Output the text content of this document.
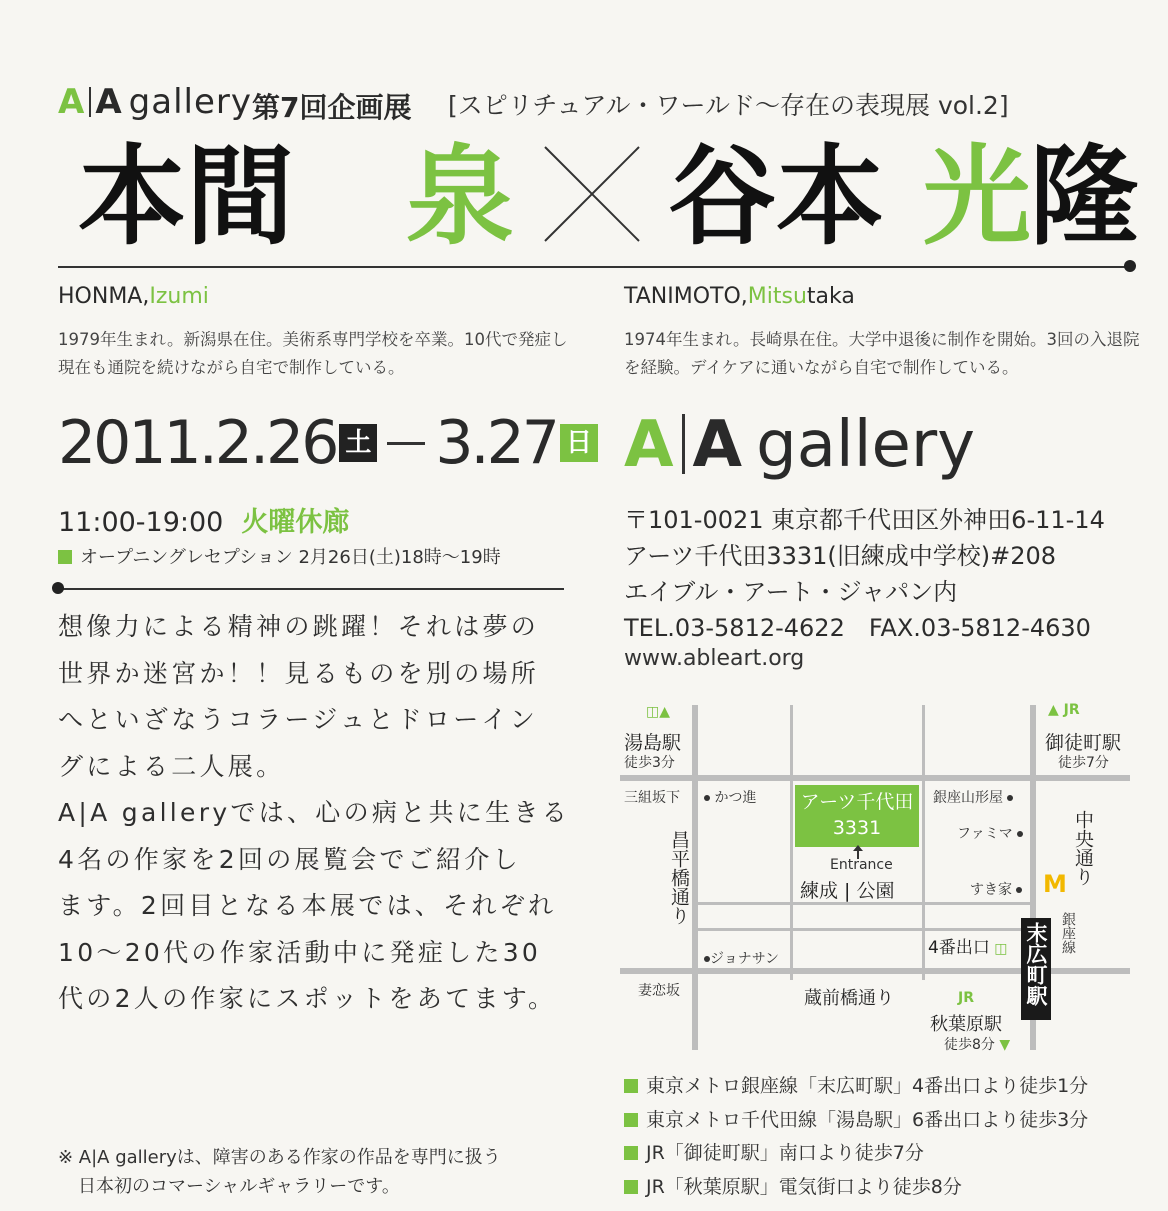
A A gallery 第7回企画展 [スピリチュアル・ワールド〜存在の表現展 vol.2]
本間 泉 谷本 光
隆
HONMA,Izumi
1979年生まれ。新潟県在住。美術系専門学校を卒業。10代で発症し現在も通院を続けながら自宅で制作している。
TANIMOTO,Mitsutaka
1974年生まれ。長崎県在住。大学中退後に制作を開始。3回の入退院を経験。デイケアに通いながら自宅で制作している。
2011.2.26 土 3.27 日
11:00-19:00 火曜休廊
オープニングレセプション 2月26日(土)18時〜19時
想像力による精神の跳躍！それは夢の
世界か迷宮か！！見るものを別の場所
へといざなうコラージュとドローイン
グによる二人展。
A|A galleryでは、心の病と共に生きる
4名の作家を2回の展覧会でご紹介し
ます。2回目となる本展では、それぞれ
10〜20代の作家活動中に発症した30
代の2人の作家にスポットをあてます。
※ A|A galleryは、障害のある作家の作品を専門に扱う
日本初のコマーシャルギャラリーです。
A A gallery
〒101-0021 東京都千代田区外神田6-11-14
アーツ千代田3331(旧練成中学校)#208
エイブル・アート・ジャパン内
TEL.03-5812-4622　FAX.03-5812-4630
www.ableart.org
アーツ千代田
3331
Entrance
練成 | 公園
◫▲
湯島駅
徒歩3分
▲ JR
御徒町駅
徒歩7分
三組坂下	かつ進	銀座山形屋
ファミマ
すき家	M 中央通り
昌平橋通り
ジョナサン
4番出口 ◫	銀座線
末広町駅
妻恋坂	蔵前橋通り	JR
秋葉原駅
徒歩8分 ▼
東京メトロ銀座線「末広町駅」4番出口より徒歩1分
東京メトロ千代田線「湯島駅」6番出口より徒歩3分
JR「御徒町駅」南口より徒歩7分
JR「秋葉原駅」電気街口より徒歩8分
